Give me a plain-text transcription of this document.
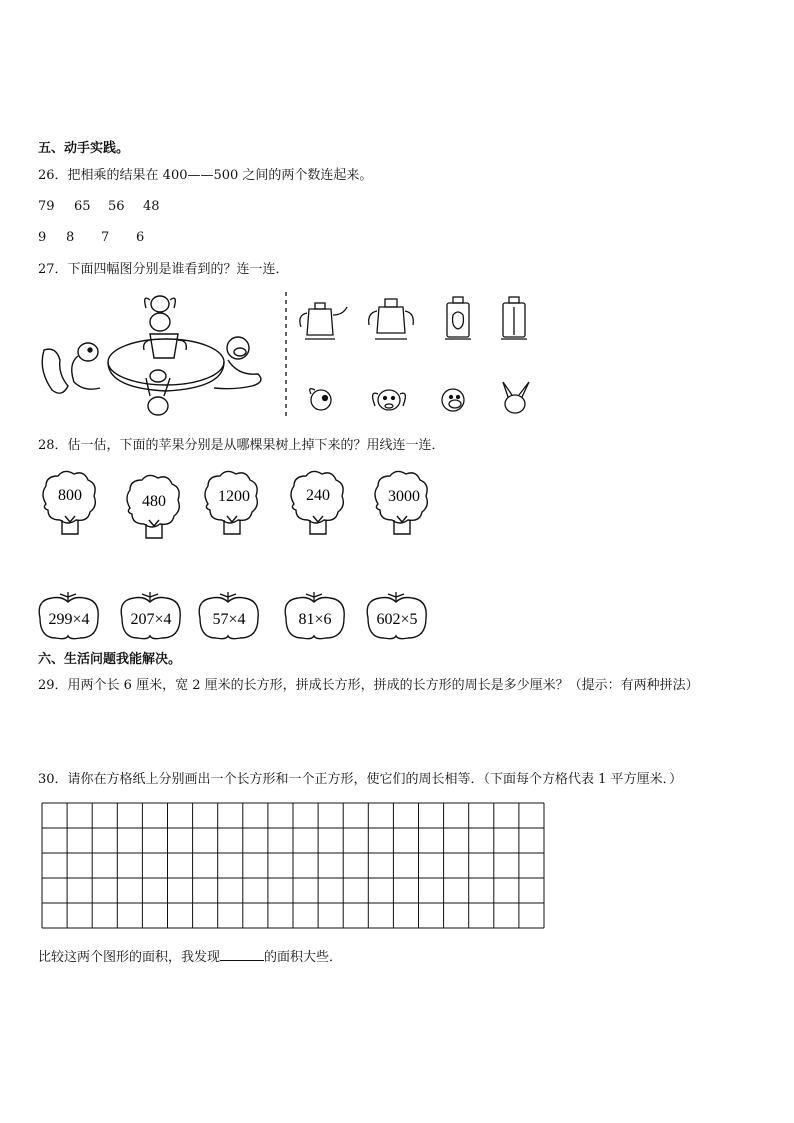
五、动手实践。
26．把相乘的结果在 400——500 之间的两个数连起来。
79 65 56 48
9 8 7 6
27．下面四幅图分别是谁看到的？连一连．
28．估一估，下面的苹果分别是从哪棵果树上掉下来的？用线连一连．
800	480	1200	240	3000
299×4	207×4	57×4	81×6	602×5
六、生活问题我能解决。
29．用两个长 6 厘米，宽 2 厘米的长方形，拼成长方形，拼成的长方形的周长是多少厘米？（提示：有两种拼法）
30．请你在方格纸上分别画出一个长方形和一个正方形，使它们的周长相等．（下面每个方格代表 1 平方厘米．）
比较这两个图形的面积，我发现	的面积大些．
